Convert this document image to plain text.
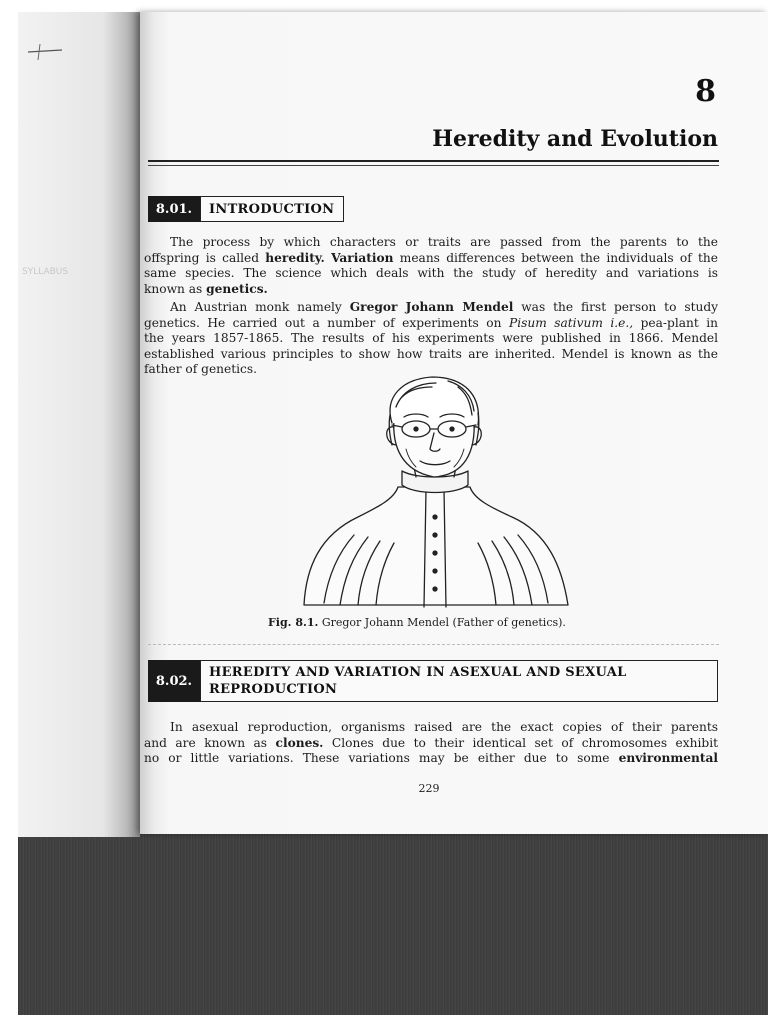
SYLLABUS
8
Heredity and Evolution
8.01.	INTRODUCTION
The process by which characters or traits are passed from the parents to the
offspring is called heredity. Variation means differences between the individuals of the
same species. The science which deals with the study of heredity and variations is
known as genetics.
An Austrian monk namely Gregor Johann Mendel was the first person to study
genetics. He carried out a number of experiments on Pisum sativum i.e., pea-plant in
the years 1857-1865. The results of his experiments were published in 1866. Mendel
established various principles to show how traits are inherited. Mendel is known as the
father of genetics.
Fig. 8.1. Gregor Johann Mendel (Father of genetics).
8.02.
HEREDITY AND VARIATION IN ASEXUAL AND SEXUAL
REPRODUCTION
In asexual reproduction, organisms raised are the exact copies of their parents
and are known as clones. Clones due to their identical set of chromosomes exhibit
no or little variations. These variations may be either due to some environmental
229
